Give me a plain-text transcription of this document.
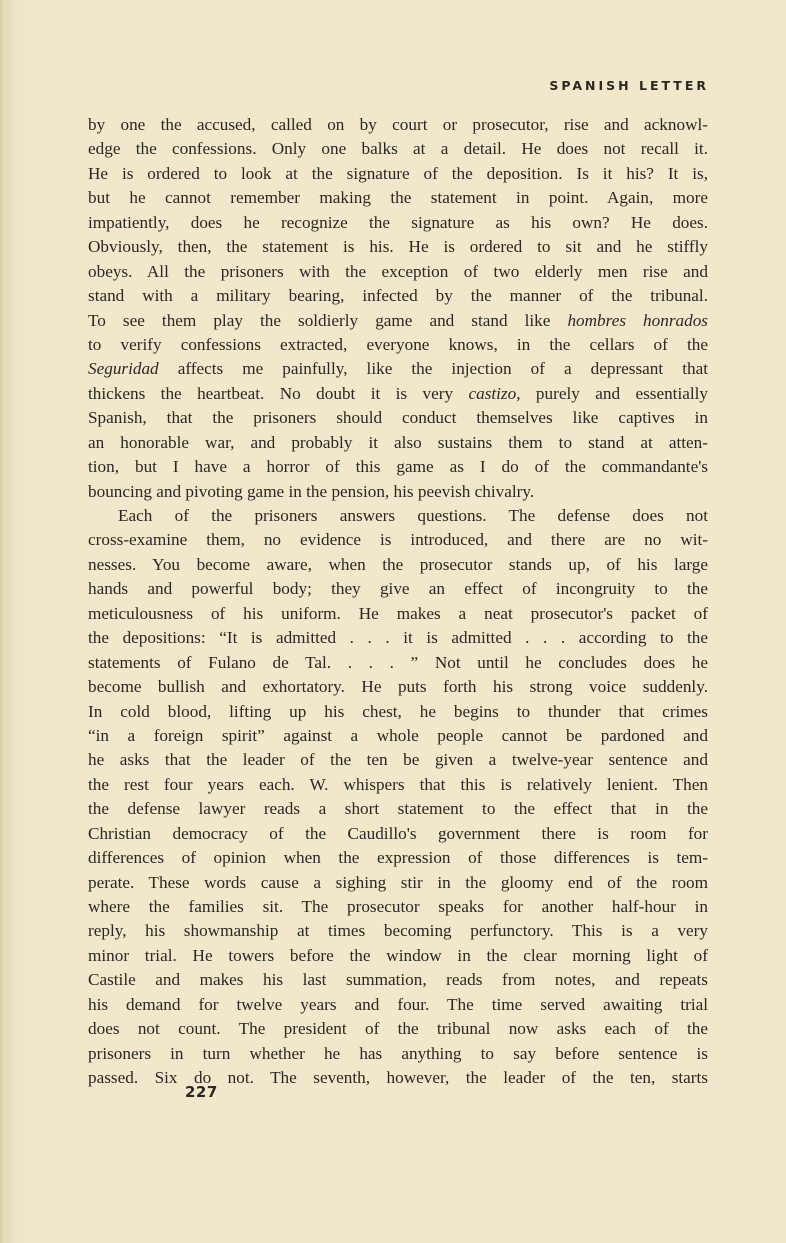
SPANISH LETTER
by one the accused, called on by court or prosecutor, rise and acknowl-
edge the confessions. Only one balks at a detail. He does not recall it.
He is ordered to look at the signature of the deposition. Is it his? It is,
but he cannot remember making the statement in point. Again, more
impatiently, does he recognize the signature as his own? He does.
Obviously, then, the statement is his. He is ordered to sit and he stiffly
obeys. All the prisoners with the exception of two elderly men rise and
stand with a military bearing, infected by the manner of the tribunal.
To see them play the soldierly game and stand like hombres honrados
to verify confessions extracted, everyone knows, in the cellars of the
Seguridad affects me painfully, like the injection of a depressant that
thickens the heartbeat. No doubt it is very castizo, purely and essentially
Spanish, that the prisoners should conduct themselves like captives in
an honorable war, and probably it also sustains them to stand at atten-
tion, but I have a horror of this game as I do of the commandante's
bouncing and pivoting game in the pension, his peevish chivalry.
Each of the prisoners answers questions. The defense does not
cross-examine them, no evidence is introduced, and there are no wit-
nesses. You become aware, when the prosecutor stands up, of his large
hands and powerful body; they give an effect of incongruity to the
meticulousness of his uniform. He makes a neat prosecutor's packet of
the depositions: “It is admitted . . . it is admitted . . . according to the
statements of Fulano de Tal. . . . ” Not until he concludes does he
become bullish and exhortatory. He puts forth his strong voice suddenly.
In cold blood, lifting up his chest, he begins to thunder that crimes
“in a foreign spirit” against a whole people cannot be pardoned and
he asks that the leader of the ten be given a twelve-year sentence and
the rest four years each. W. whispers that this is relatively lenient. Then
the defense lawyer reads a short statement to the effect that in the
Christian democracy of the Caudillo's government there is room for
differences of opinion when the expression of those differences is tem-
perate. These words cause a sighing stir in the gloomy end of the room
where the families sit. The prosecutor speaks for another half-hour in
reply, his showmanship at times becoming perfunctory. This is a very
minor trial. He towers before the window in the clear morning light of
Castile and makes his last summation, reads from notes, and repeats
his demand for twelve years and four. The time served awaiting trial
does not count. The president of the tribunal now asks each of the
prisoners in turn whether he has anything to say before sentence is
passed. Six do not. The seventh, however, the leader of the ten, starts
227
